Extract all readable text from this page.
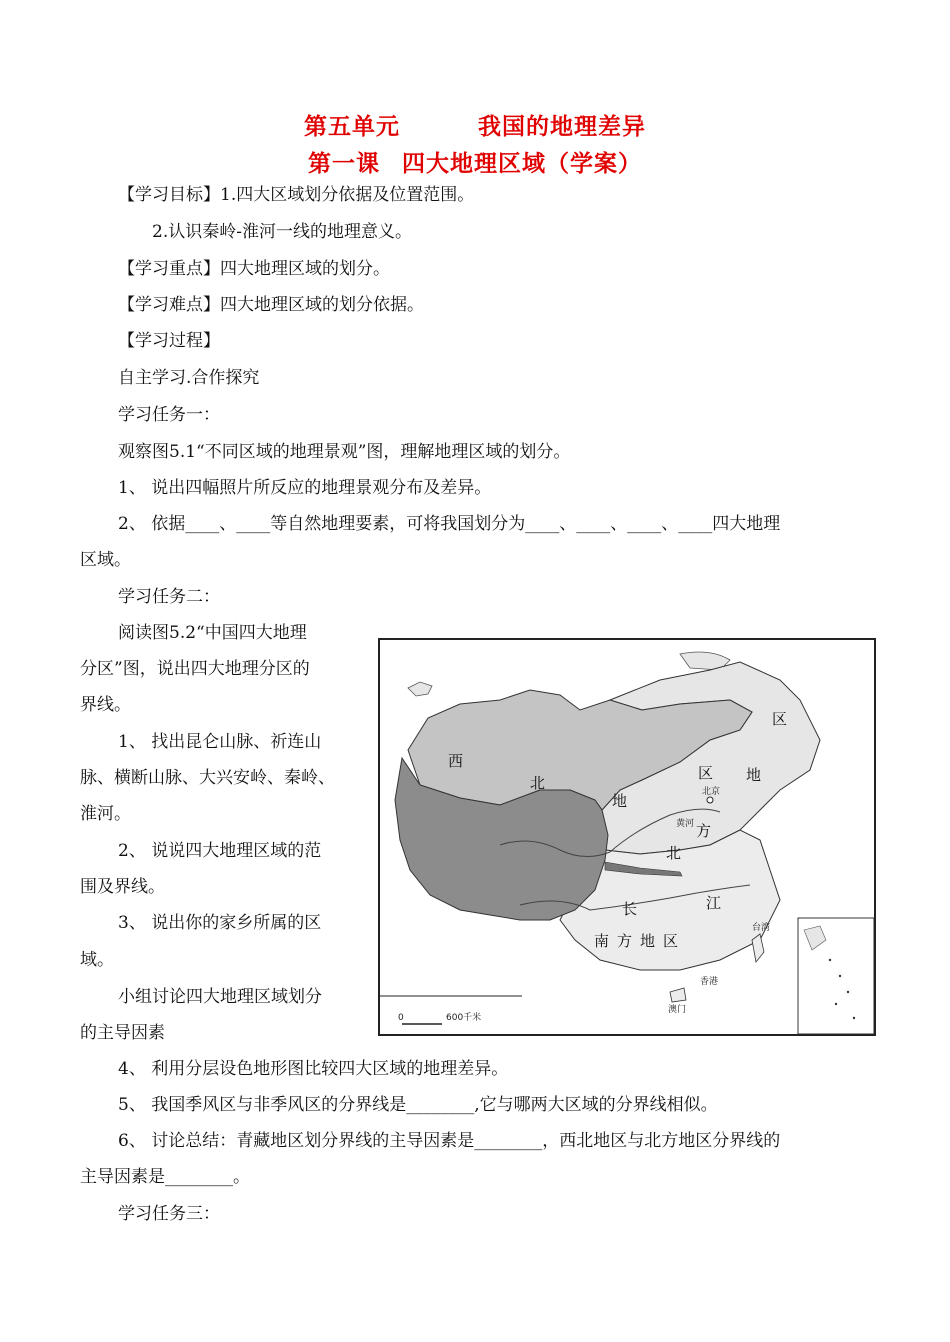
第五单元	我国的地理差异
第一课 四大地理区域（学案）
【学习目标】1.四大区域划分依据及位置范围。
2.认识秦岭-淮河一线的地理意义。
【学习重点】四大地理区域的划分。
【学习难点】四大地理区域的划分依据。
【学习过程】
自主学习.合作探究
学习任务一：
观察图5.1“不同区域的地理景观”图，理解地理区域的划分。
1、 说出四幅照片所反应的地理景观分布及差异。
2、 依据____、____等自然地理要素，可将我国划分为____、____、____、____四大地理
区域。
学习任务二：
阅读图5.2“中国四大地理
分区”图，说出四大地理分区的
界线。
1、 找出昆仑山脉、祈连山
脉、横断山脉、大兴安岭、秦岭、
淮河。
2、 说说四大地理区域的范
围及界线。
3、 说出你的家乡所属的区
域。
小组讨论四大地理区域划分
的主导因素
4、 利用分层设色地形图比较四大区域的地理差异。
5、 我国季风区与非季风区的分界线是________,它与哪两大区域的分界线相似。
6、 讨论总结：青藏地区划分界线的主导因素是________，西北地区与北方地区分界线的
主导因素是________。
学习任务三：
西
北
地
区
北
方
地
区
南方地区
黄河
长	江
北京
台湾
香港
澳门
0	600千米
